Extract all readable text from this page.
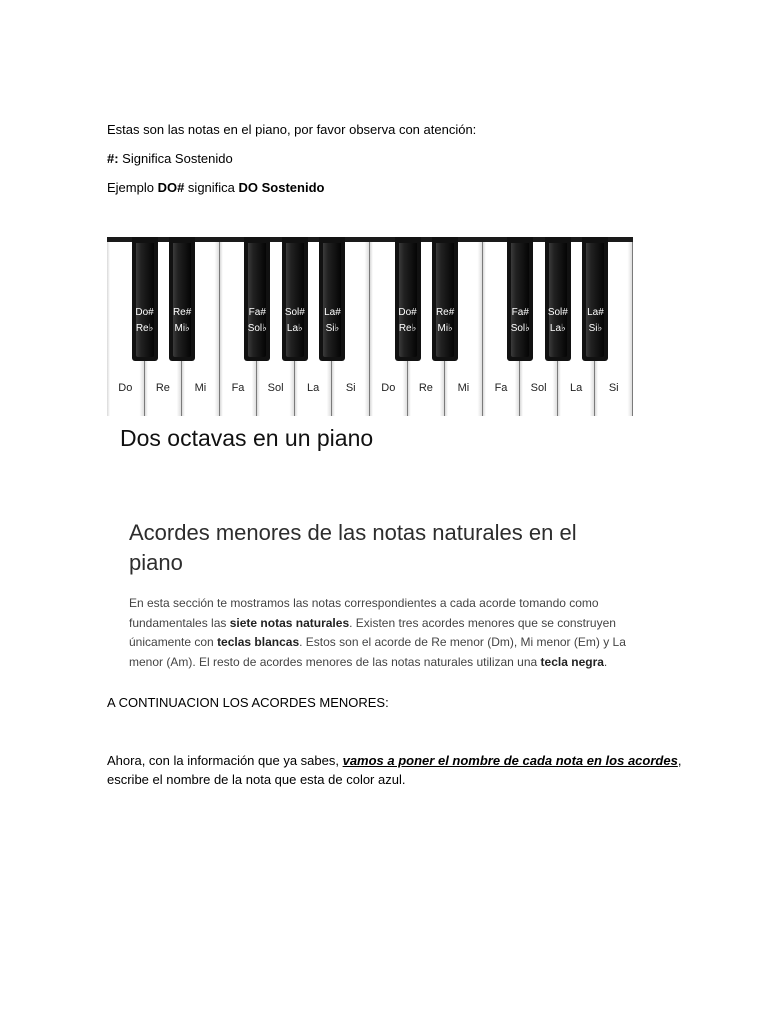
Estas son las notas en el piano, por favor observa con atención:
#: Significa Sostenido
Ejemplo DO# significa DO Sostenido
Do	Re	Mi	Fa	Sol	La	Si	Do	Re	Mi	Fa	Sol	La	Si
Do#
Re♭
Re#
Mi♭
Fa#
Sol♭
Sol#
La♭
La#
Si♭
Do#
Re♭
Re#
Mi♭
Fa#
Sol♭
Sol#
La♭
La#
Si♭
Dos octavas en un piano
Acordes menores de las notas naturales en el piano
En esta sección te mostramos las notas correspondientes a cada acorde tomando como fundamentales las siete notas naturales. Existen tres acordes menores que se construyen únicamente con teclas blancas. Estos son el acorde de Re menor (Dm), Mi menor (Em) y La menor (Am). El resto de acordes menores de las notas naturales utilizan una tecla negra.
A CONTINUACION LOS ACORDES MENORES:
Ahora, con la información que ya sabes, vamos a poner el nombre de cada nota en los acordes,
escribe el nombre de la nota que esta de color azul.
